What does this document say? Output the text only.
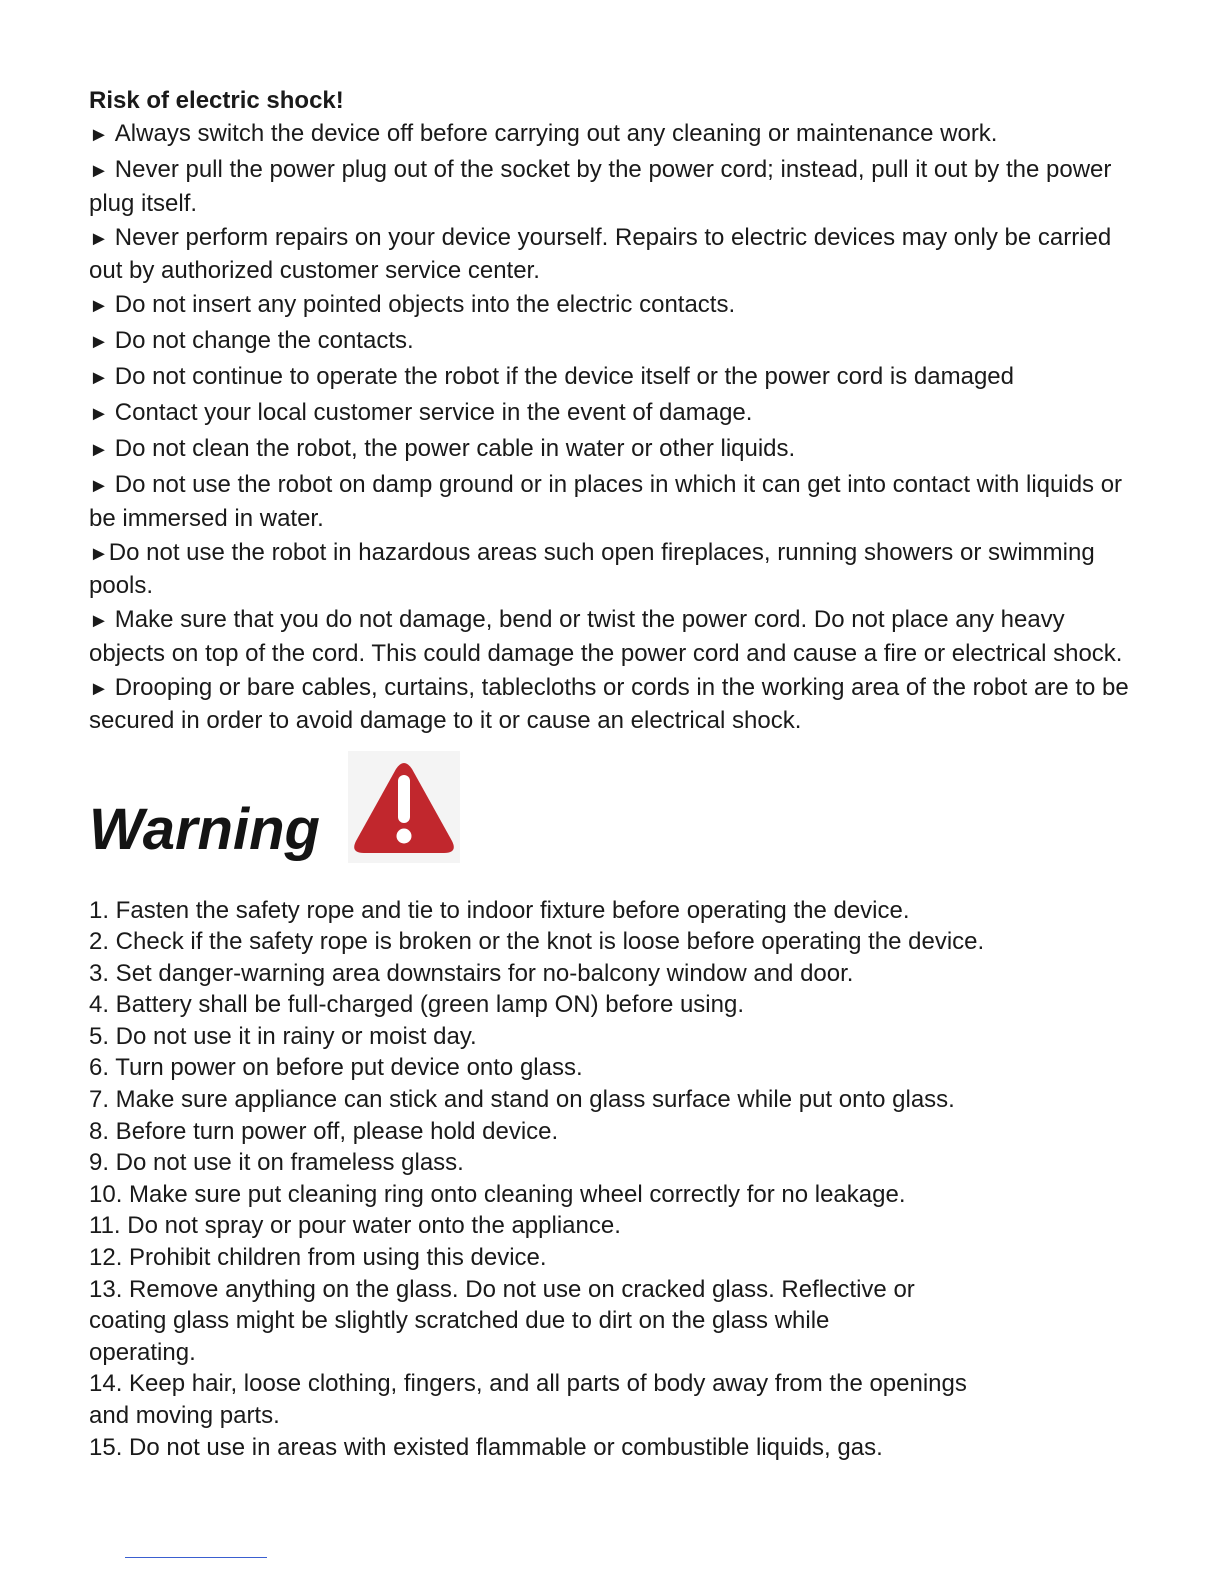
Risk of electric shock!
► Always switch the device off before carrying out any cleaning or maintenance work.
► Never pull the power plug out of the socket by the power cord; instead, pull it out by the power plug itself.
► Never perform repairs on your device yourself. Repairs to electric devices may only be carried out by authorized customer service center.
► Do not insert any pointed objects into the electric contacts.
► Do not change the contacts.
► Do not continue to operate the robot if the device itself or the power cord is damaged
► Contact your local customer service in the event of damage.
► Do not clean the robot, the power cable in water or other liquids.
► Do not use the robot on damp ground or in places in which it can get into contact with liquids or be immersed in water.
►Do not use the robot in hazardous areas such open fireplaces, running showers or swimming pools.
► Make sure that you do not damage, bend or twist the power cord. Do not place any heavy objects on top of the cord. This could damage the power cord and cause a fire or electrical shock.
► Drooping or bare cables, curtains, tablecloths or cords in the working area of the robot are to be secured in order to avoid damage to it or cause an electrical shock.
Warning
1. Fasten the safety rope and tie to indoor fixture before operating the device.
2. Check if the safety rope is broken or the knot is loose before operating the device.
3. Set danger-warning area downstairs for no-balcony window and door.
4. Battery shall be full-charged (green lamp ON) before using.
5. Do not use it in rainy or moist day.
6. Turn power on before put device onto glass.
7. Make sure appliance can stick and stand on glass surface while put onto glass.
8. Before turn power off, please hold device.
9. Do not use it on frameless glass.
10. Make sure put cleaning ring onto cleaning wheel correctly for no leakage.
11. Do not spray or pour water onto the appliance.
12. Prohibit children from using this device.
13. Remove anything on the glass. Do not use on cracked glass. Reflective or
coating glass might be slightly scratched due to dirt on the glass while
operating.
14. Keep hair, loose clothing, fingers, and all parts of body away from the openings
and moving parts.
15. Do not use in areas with existed flammable or combustible liquids, gas.
